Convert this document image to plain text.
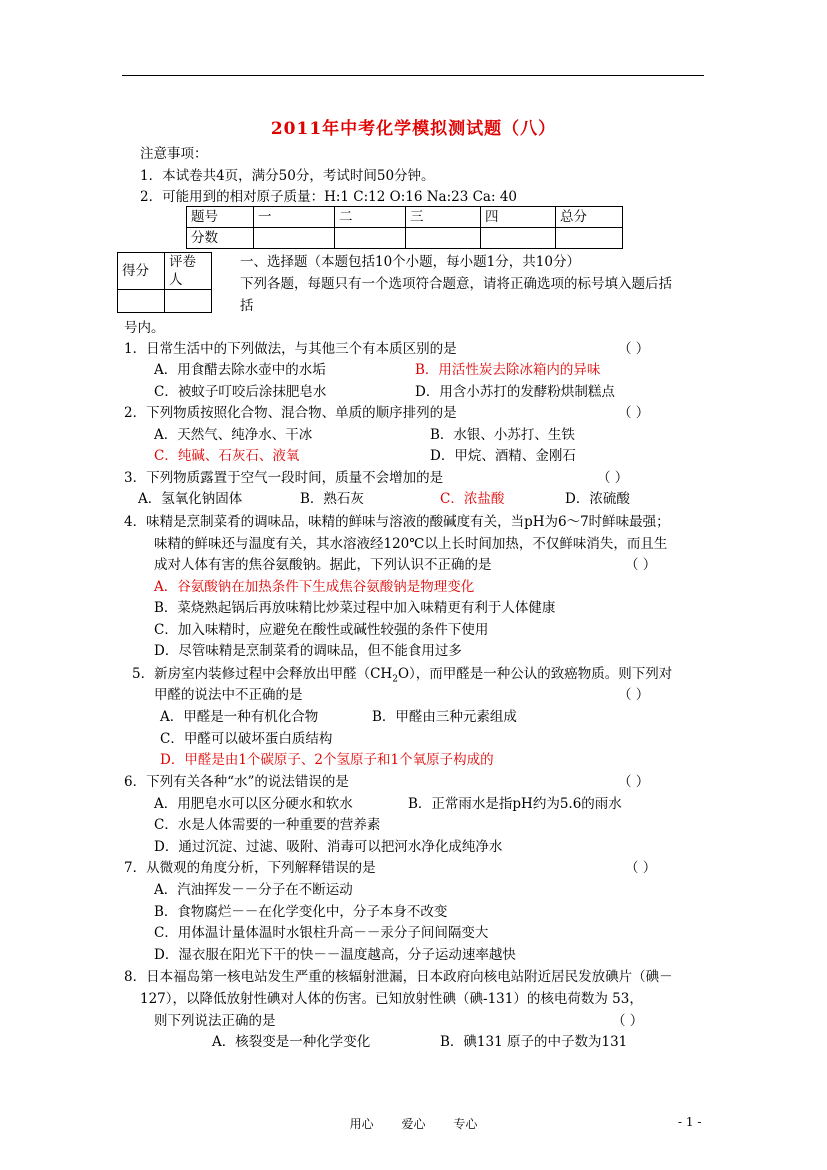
2011年中考化学模拟测试题（八）
注意事项：
1．本试卷共4页，满分50分，考试时间50分钟。
2．可能用到的相对原子质量：H:1 C:12 O:16 Na:23 Ca: 40
题号	一	二	三	四	总分
分数					
得分	评卷人

一、选择题（本题包括10个小题，每小题1分，共10分）
下列各题，每题只有一个选项符合题意，请将正确选项的标号填入题后括
括
号内。
1．日常生活中的下列做法，与其他三个有本质区别的是	（ ）
A．用食醋去除水壶中的水垢	B．用活性炭去除冰箱内的异味
C．被蚊子叮咬后涂抹肥皂水	D．用含小苏打的发酵粉烘制糕点
2．下列物质按照化合物、混合物、单质的顺序排列的是	（ ）
A．天然气、纯净水、干冰	B．水银、小苏打、生铁
C．纯碱、石灰石、液氧	D．甲烷、酒精、金刚石
3．下列物质露置于空气一段时间，质量不会增加的是	（ ）
A．氢氧化钠固体	B．熟石灰	C．浓盐酸	D．浓硫酸
4．味精是烹制菜肴的调味品，味精的鲜味与溶液的酸碱度有关，当pH为6～7时鲜味最强；
味精的鲜味还与温度有关，其水溶液经120℃以上长时间加热，不仅鲜味消失，而且生
成对人体有害的焦谷氨酸钠。据此，下列认识不正确的是	（ ）
A．谷氨酸钠在加热条件下生成焦谷氨酸钠是物理变化
B．菜烧熟起锅后再放味精比炒菜过程中加入味精更有利于人体健康
C．加入味精时，应避免在酸性或碱性较强的条件下使用
D．尽管味精是烹制菜肴的调味品，但不能食用过多
5．新房室内装修过程中会释放出甲醛$(CH_2O)$，而甲醛是一种公认的致癌物质。则下列对
甲醛的说法中不正确的是	（ ）
A．甲醛是一种有机化合物	B．甲醛由三种元素组成
C．甲醛可以破坏蛋白质结构
D．甲醛是由1个碳原子、2个氢原子和1个氧原子构成的
6．下列有关各种“水”的说法错误的是	（ ）
A．用肥皂水可以区分硬水和软水	B．正常雨水是指pH约为5.6的雨水
C．水是人体需要的一种重要的营养素
D．通过沉淀、过滤、吸附、消毒可以把河水净化成纯净水
7．从微观的角度分析，下列解释错误的是	（ ）
A．汽油挥发－－分子在不断运动
B．食物腐烂－－在化学变化中，分子本身不改变
C．用体温计量体温时水银柱升高－－汞分子间间隔变大
D．湿衣服在阳光下干的快－－温度越高，分子运动速率越快
8．日本福岛第一核电站发生严重的核辐射泄漏，日本政府向核电站附近居民发放碘片（碘－
127），以降低放射性碘对人体的伤害。已知放射性碘（碘-131）的核电荷数为 53，
则下列说法正确的是	（ ）
A．核裂变是一种化学变化	B．碘131 原子的中子数为131
用心 爱心 专心	- 1 -
